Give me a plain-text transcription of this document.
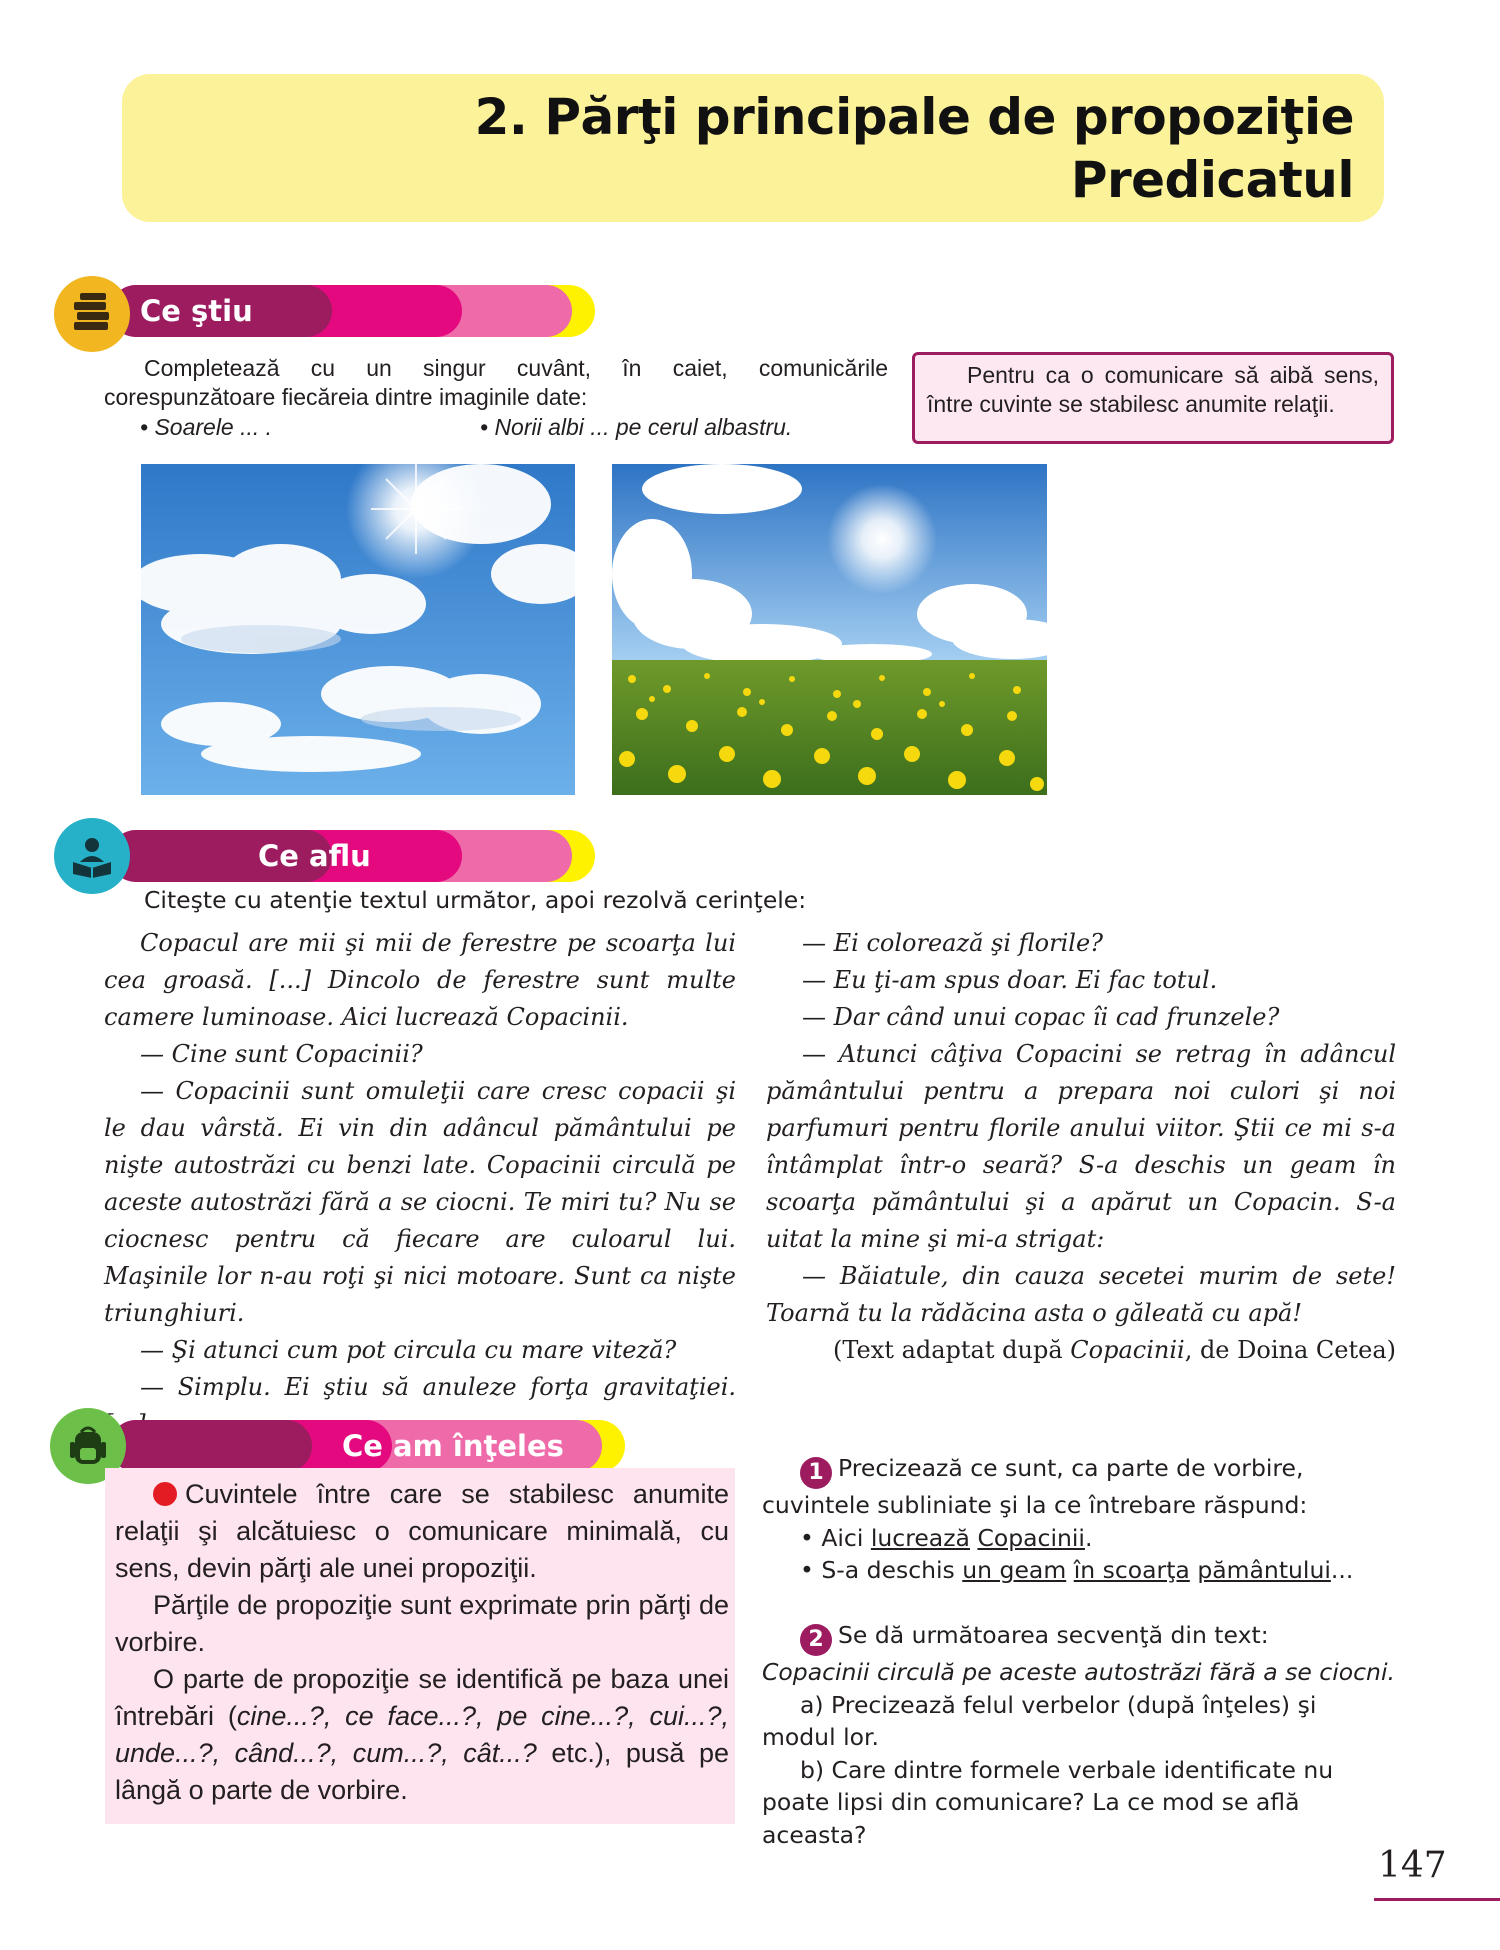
2. Părţi principale de propoziţie
Predicatul
Ce ştiu
Completează cu un singur cuvânt, în caiet, comunicările corespunzătoare fiecăreia dintre imaginile date:
• Soarele ... .	• Norii albi ... pe cerul albastru.

Pentru ca o comunicare să aibă sens, între cuvinte se stabilesc anumite relaţii.

Ce aflu
Citeşte cu atenţie textul următor, apoi rezolvă cerinţele:

Copacul are mii şi mii de ferestre pe scoarţa lui cea groasă. [...] Dincolo de ferestre sunt multe camere luminoase. Aici lucrează Copacinii.

— Cine sunt Copacinii?

— Copacinii sunt omuleţii care cresc copacii şi le dau vârstă. Ei vin din adâncul pământului pe nişte autostrăzi cu benzi late. Copacinii circulă pe aceste autostrăzi fără a se ciocni. Te miri tu? Nu se ciocnesc pentru că fiecare are culoarul lui. Maşinile lor n-au roţi şi nici motoare. Sunt ca nişte triunghiuri.

— Şi atunci cum pot circula cu mare viteză?

— Simplu. Ei ştiu să anuleze forţa gravitaţiei.

— Ei colorează şi florile?

— Eu ţi-am spus doar. Ei fac totul.

— Dar când unui copac îi cad frunzele?

— Atunci câţiva Copacini se retrag în adâncul pământului pentru a prepara noi culori şi noi parfumuri pentru florile anului viitor. Ştii ce mi s-a întâmplat într-o seară? S-a deschis un geam în scoarţa pământului şi a apărut un Copacin. S-a uitat la mine şi mi-a strigat:

— Băiatule, din cauza secetei murim de sete! Toarnă tu la rădăcina asta o găleată cu apă!

(Text adaptat după Copacinii, de Doina Cetea)

Ce am înţeles

Cuvintele între care se stabilesc anumite relaţii şi alcătuiesc o comunicare minimală, cu sens, devin părţi ale unei propoziţii.

Părţile de propoziţie sunt exprimate prin părţi de vorbire.

O parte de propoziţie se identifică pe baza unei întrebări (cine...?, ce face...?, pe cine...?, cui...?, unde...?, când...?, cum...?, cât...? etc.), pusă pe lângă o parte de vorbire.

1 Precizează ce sunt, ca parte de vorbire, cuvintele subliniate şi la ce întrebare răspund:

• Aici lucrează Copacinii.

• S-a deschis un geam în scoarţa pământului...

2 Se dă următoarea secvenţă din text:

Copacinii circulă pe aceste autostrăzi fără a se ciocni.

a) Precizează felul verbelor (după înţeles) şi modul lor.

b) Care dintre formele verbale identificate nu poate lipsi din comunicare? La ce mod se află aceasta?

147
